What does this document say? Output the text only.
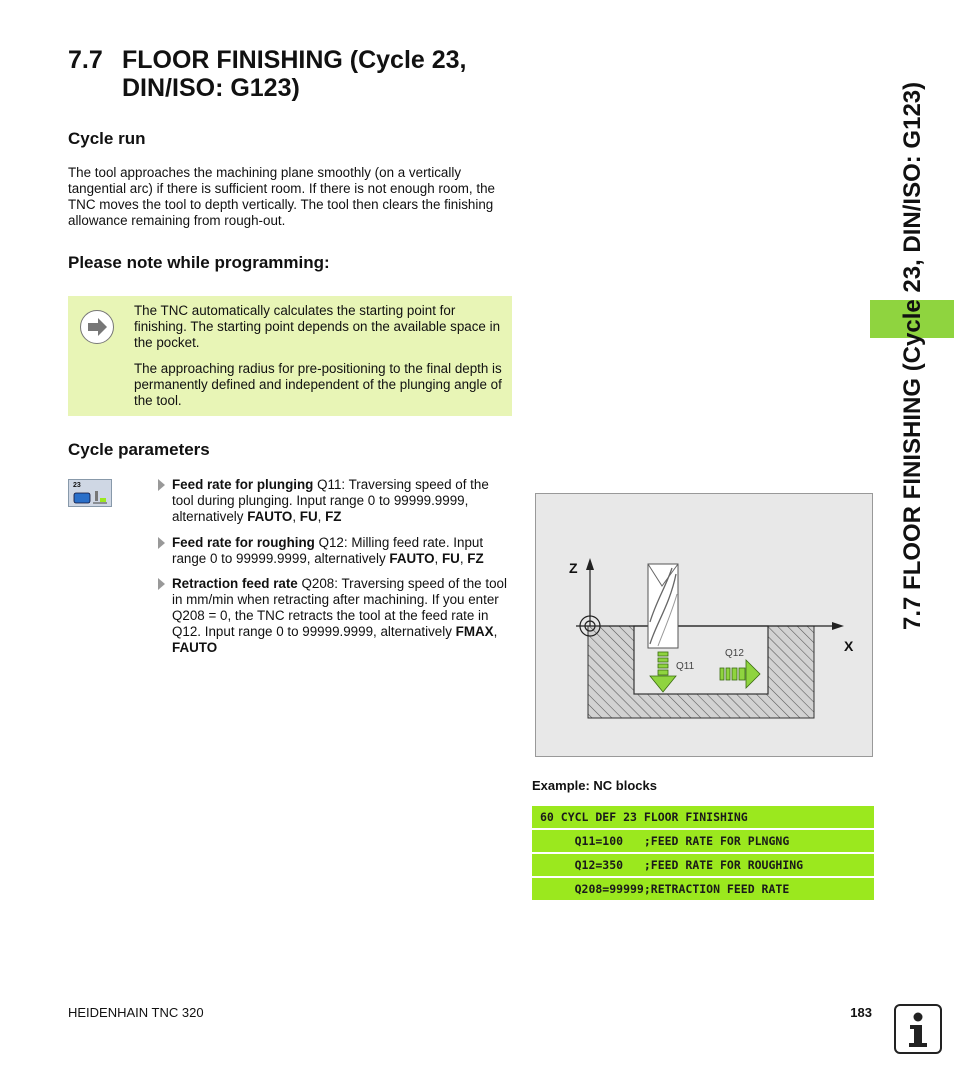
7.7 FLOOR FINISHING (Cycle 23,
DIN/ISO: G123)
Cycle run
The tool approaches the machining plane smoothly (on a vertically tangential arc) if there is sufficient room. If there is not enough room, the TNC moves the tool to depth vertically. The tool then clears the finishing allowance remaining from rough-out.
Please note while programming:
The TNC automatically calculates the starting point for finishing. The starting point depends on the available space in the pocket.
The approaching radius for pre-positioning to the final depth is permanently defined and independent of the plunging angle of the tool.
Cycle parameters
23	Feed rate for plunging Q11: Traversing speed of the tool during plunging. Input range 0 to 99999.9999, alternatively FAUTO, FU, FZ
Feed rate for roughing Q12: Milling feed rate. Input range 0 to 99999.9999, alternatively FAUTO, FU, FZ
Retraction feed rate Q208: Traversing speed of the tool in mm/min when retracting after machining. If you enter Q208 = 0, the TNC retracts the tool at the feed rate in Q12. Input range 0 to 99999.9999, alternatively FMAX, FAUTO
Z
X
Q11
Q12
Example: NC blocks
60 CYCL DEF 23 FLOOR FINISHING
Q11=100   ;FEED RATE FOR PLNGNG
Q12=350   ;FEED RATE FOR ROUGHING
Q208=99999;RETRACTION FEED RATE
7.7 FLOOR FINISHING (Cycle 23, DIN/ISO: G123)
HEIDENHAIN TNC 320	183
